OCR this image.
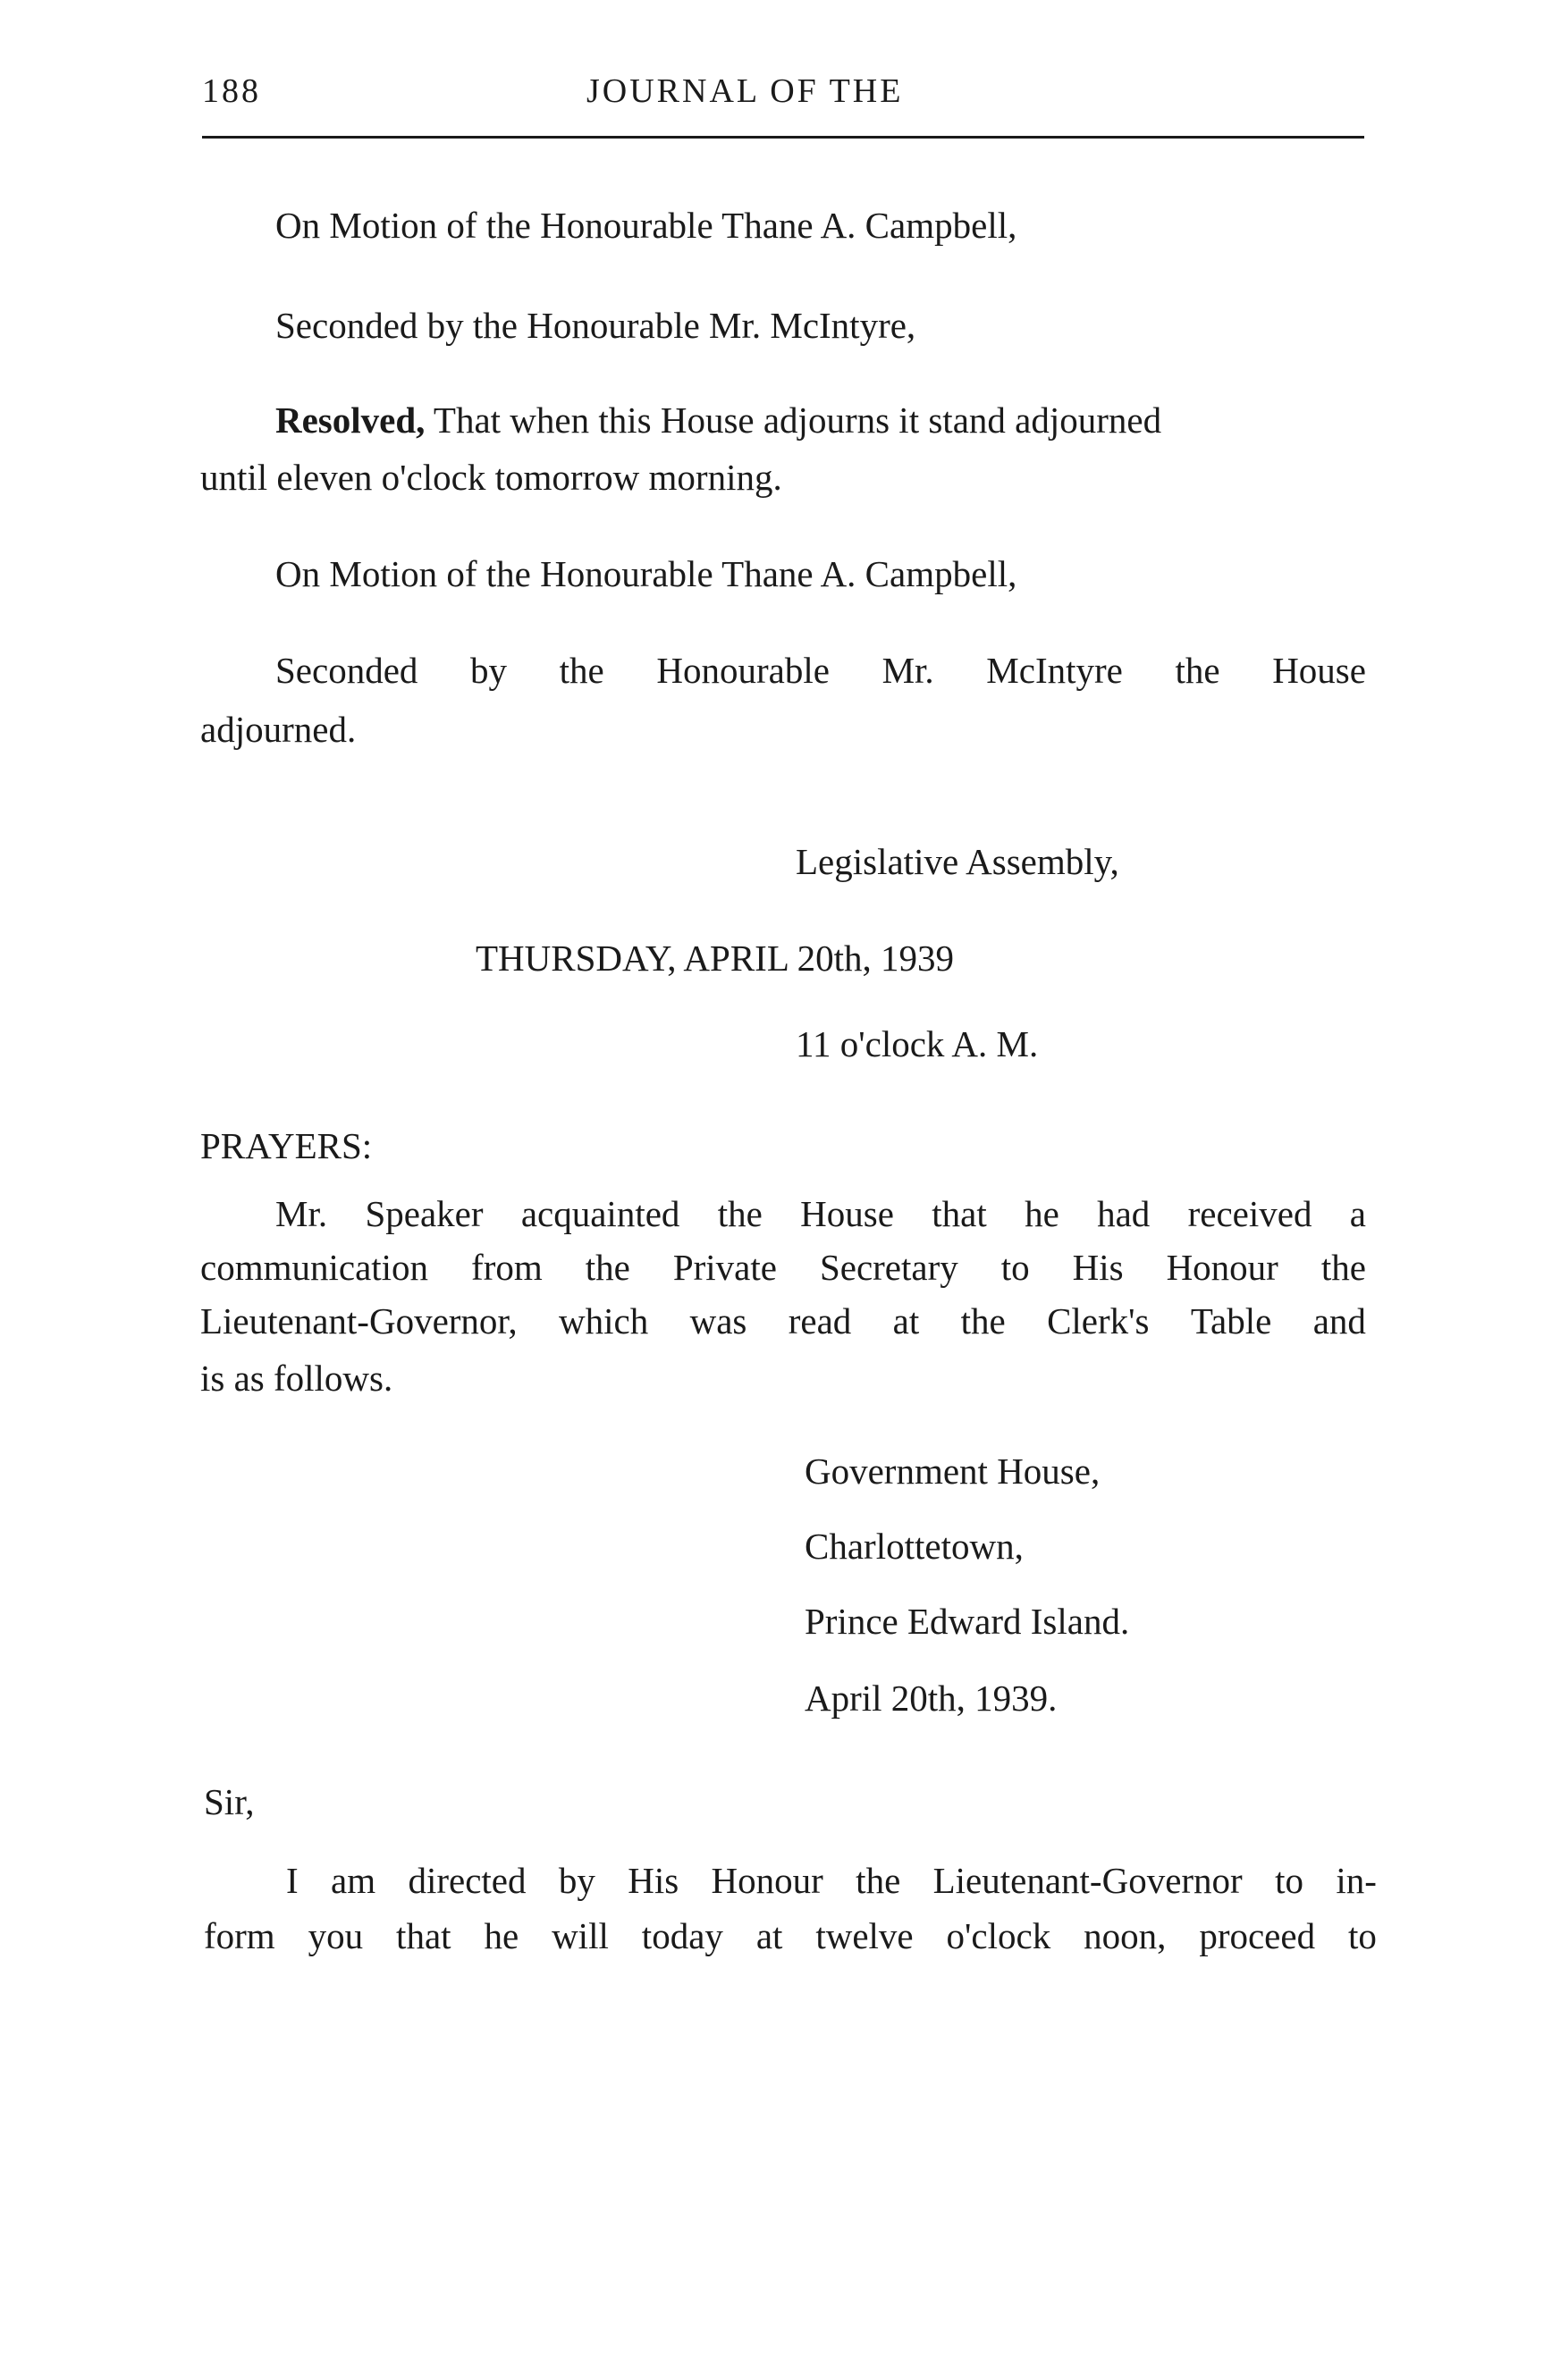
188	JOURNAL OF THE
On Motion of the Honourable Thane A. Campbell,
Seconded by the Honourable Mr. McIntyre,
Resolved, That when this House adjourns it stand adjourned
until eleven o'clock tomorrow morning.
On Motion of the Honourable Thane A. Campbell,
Seconded by the Honourable Mr. McIntyre the House
adjourned.
Legislative Assembly,
THURSDAY, APRIL 20th, 1939
11 o'clock A. M.
PRAYERS:
Mr. Speaker acquainted the House that he had received a
communication from the Private Secretary to His Honour the
Lieutenant-Governor, which was read at the Clerk's Table and
is as follows.
Government House,
Charlottetown,
Prince Edward Island.
April 20th, 1939.
Sir,
I am directed by His Honour the Lieutenant-Governor to in-
form you that he will today at twelve o'clock noon, proceed to
